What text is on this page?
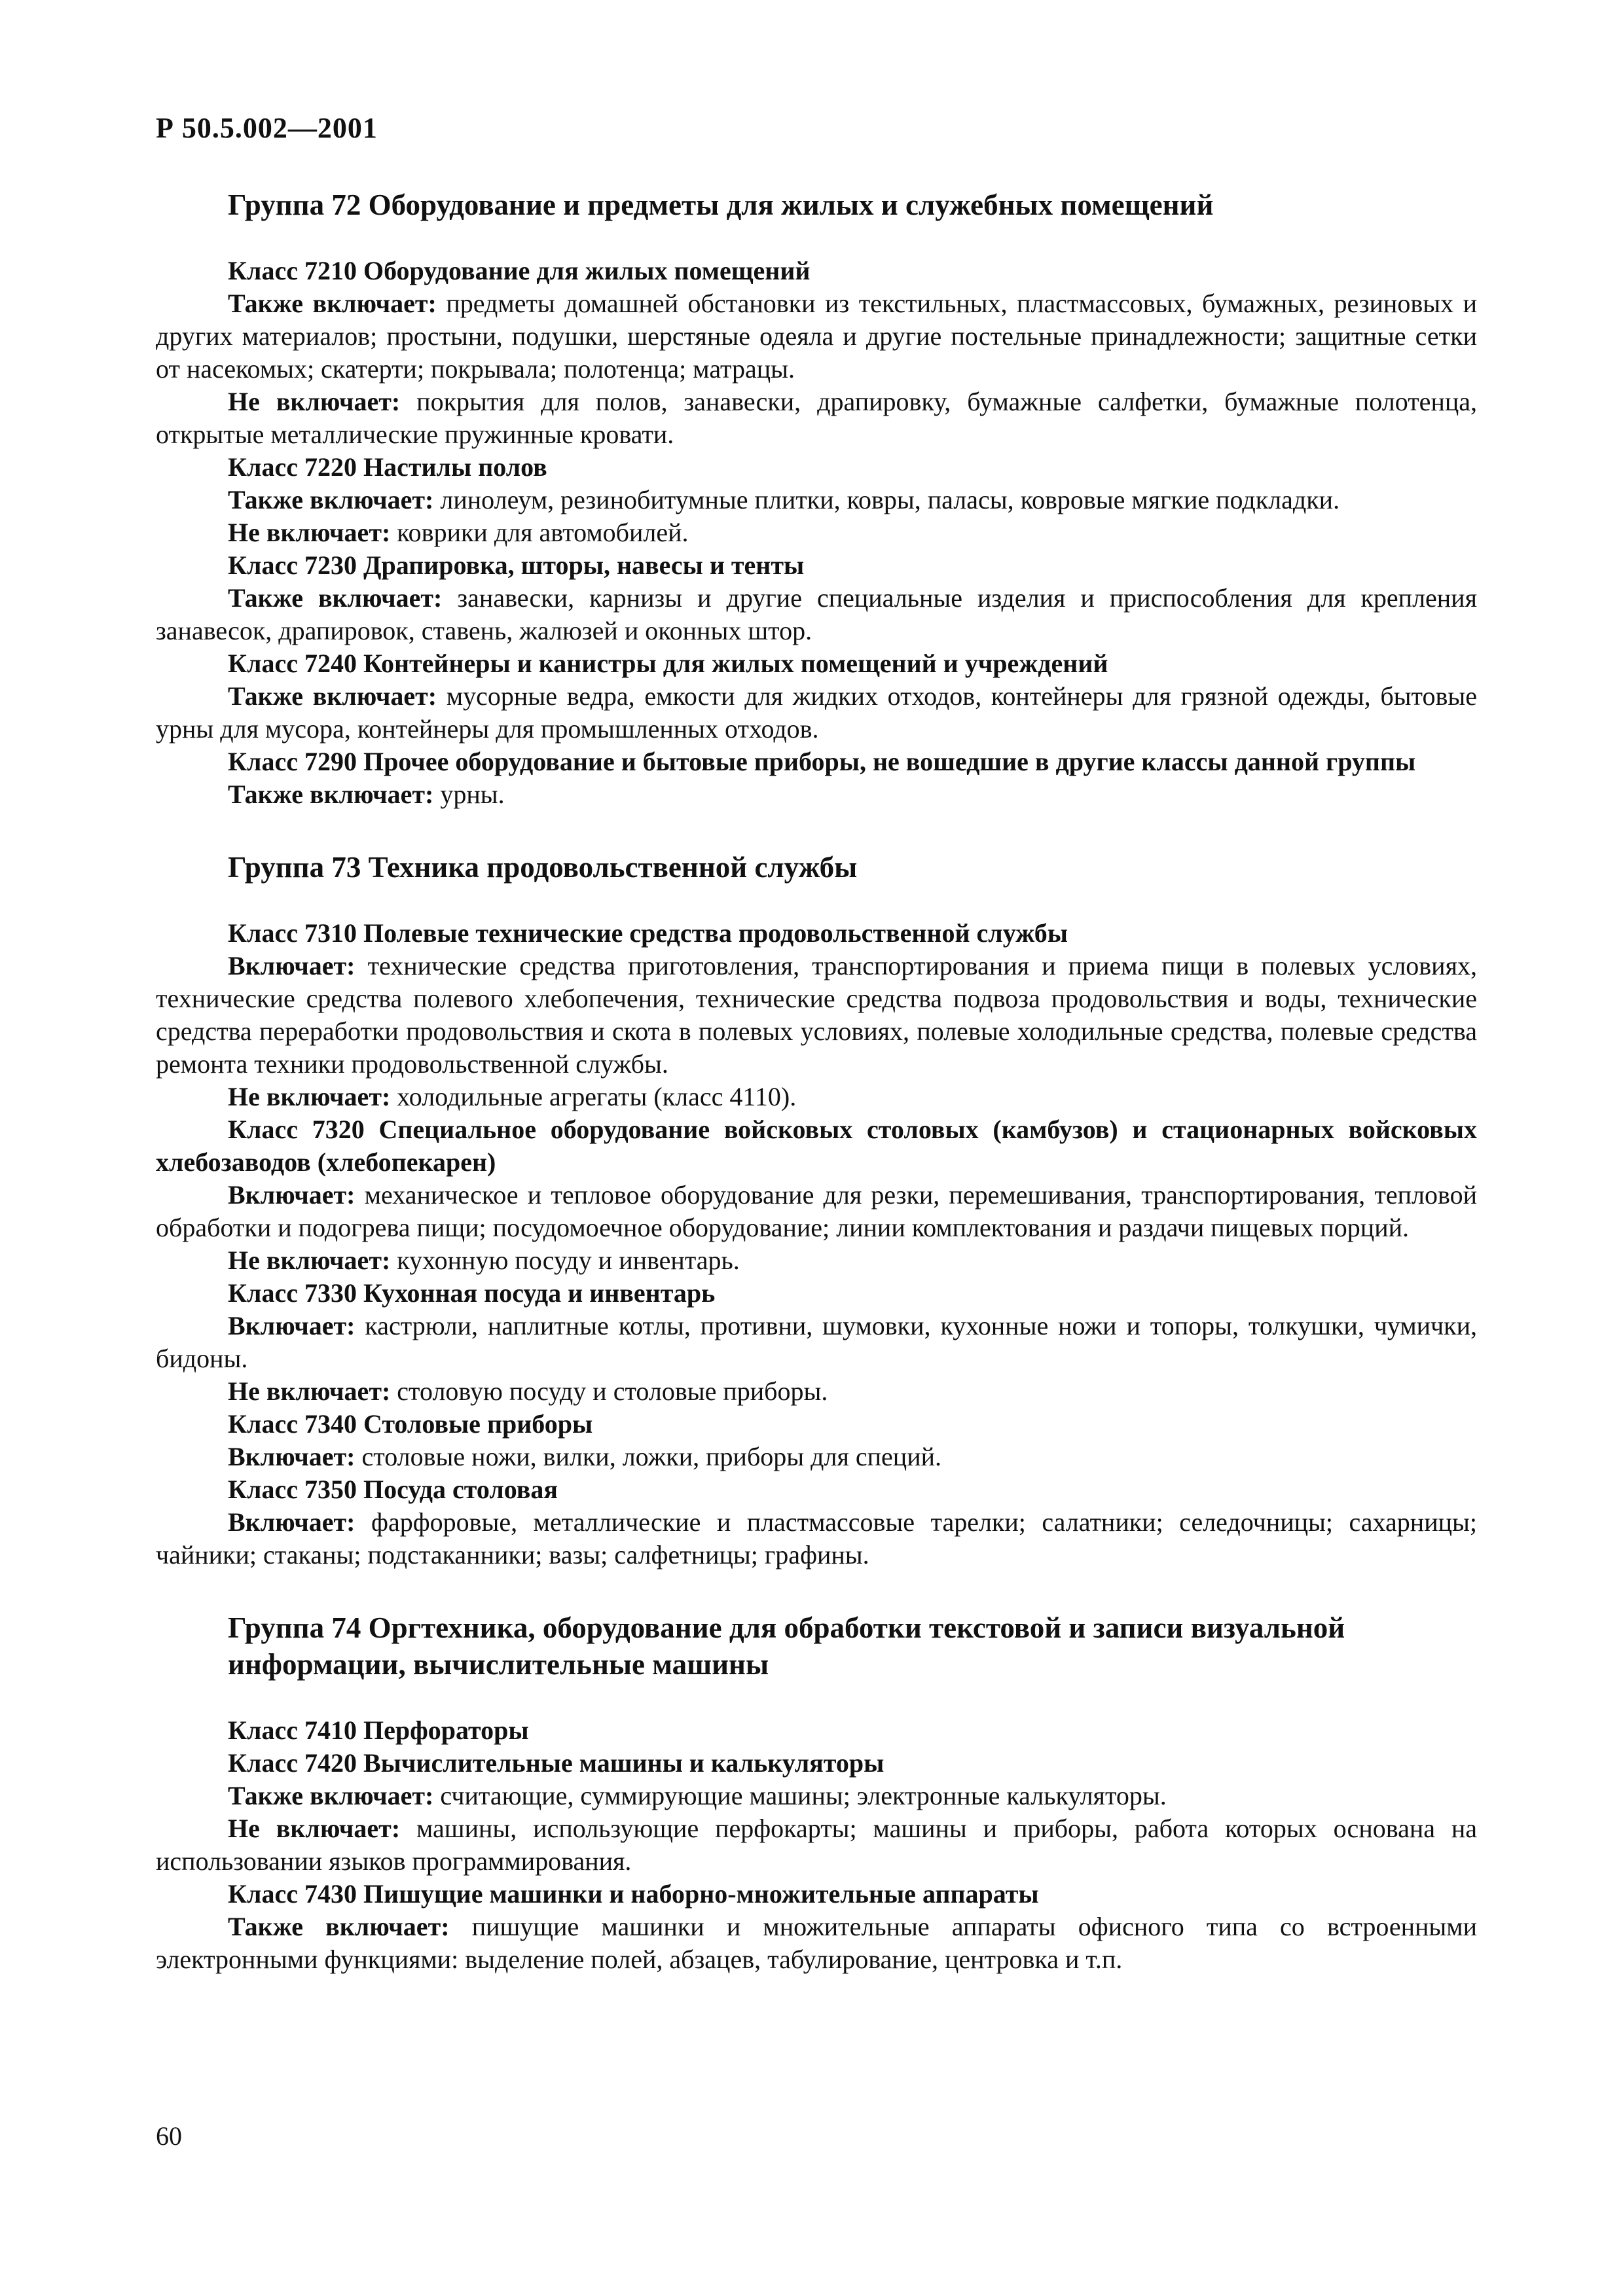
Р 50.5.002—2001
Группа 72 Оборудование и предметы для жилых и служебных помещений
Класс 7210 Оборудование для жилых помещений
Также включает: предметы домашней обстановки из текстильных, пластмассовых, бумажных, резиновых и других материалов; простыни, подушки, шерстяные одеяла и другие постельные принадлежности; защитные сетки от насекомых; скатерти; покрывала; полотенца; матрацы.
Не включает: покрытия для полов, занавески, драпировку, бумажные салфетки, бумажные полотенца, открытые металлические пружинные кровати.
Класс 7220 Настилы полов
Также включает: линолеум, резинобитумные плитки, ковры, паласы, ковровые мягкие подкладки.
Не включает: коврики для автомобилей.
Класс 7230 Драпировка, шторы, навесы и тенты
Также включает: занавески, карнизы и другие специальные изделия и приспособления для крепления занавесок, драпировок, ставень, жалюзей и оконных штор.
Класс 7240 Контейнеры и канистры для жилых помещений и учреждений
Также включает: мусорные ведра, емкости для жидких отходов, контейнеры для грязной одежды, бытовые урны для мусора, контейнеры для промышленных отходов.
Класс 7290 Прочее оборудование и бытовые приборы, не вошедшие в другие классы данной группы
Также включает: урны.
Группа 73 Техника продовольственной службы
Класс 7310 Полевые технические средства продовольственной службы
Включает: технические средства приготовления, транспортирования и приема пищи в полевых условиях, технические средства полевого хлебопечения, технические средства подвоза продовольствия и воды, технические средства переработки продовольствия и скота в полевых условиях, полевые холодильные средства, полевые средства ремонта техники продовольственной службы.
Не включает: холодильные агрегаты (класс 4110).
Класс 7320 Специальное оборудование войсковых столовых (камбузов) и стационарных войсковых хлебозаводов (хлебопекарен)
Включает: механическое и тепловое оборудование для резки, перемешивания, транспортирования, тепловой обработки и подогрева пищи; посудомоечное оборудование; линии комплектования и раздачи пищевых порций.
Не включает: кухонную посуду и инвентарь.
Класс 7330 Кухонная посуда и инвентарь
Включает: кастрюли, наплитные котлы, противни, шумовки, кухонные ножи и топоры, толкушки, чумички, бидоны.
Не включает: столовую посуду и столовые приборы.
Класс 7340 Столовые приборы
Включает: столовые ножи, вилки, ложки, приборы для специй.
Класс 7350 Посуда столовая
Включает: фарфоровые, металлические и пластмассовые тарелки; салатники; селедочницы; сахарницы; чайники; стаканы; подстаканники; вазы; салфетницы; графины.
Группа 74 Оргтехника, оборудование для обработки текстовой и записи визуальной информации, вычислительные машины
Класс 7410 Перфораторы
Класс 7420 Вычислительные машины и калькуляторы
Также включает: считающие, суммирующие машины; электронные калькуляторы.
Не включает: машины, использующие перфокарты; машины и приборы, работа которых основана на использовании языков программирования.
Класс 7430 Пишущие машинки и наборно-множительные аппараты
Также включает: пишущие машинки и множительные аппараты офисного типа со встроенными электронными функциями: выделение полей, абзацев, табулирование, центровка и т.п.
60
